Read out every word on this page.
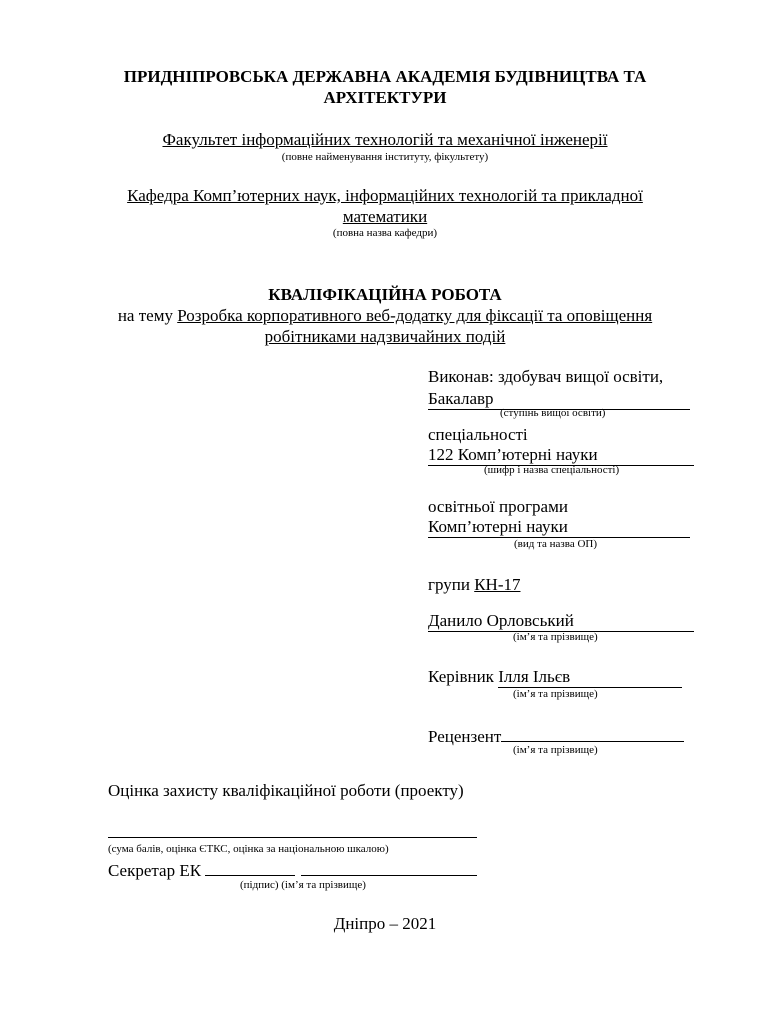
ПРИДНІПРОВСЬКА ДЕРЖАВНА АКАДЕМІЯ БУДІВНИЦТВА ТА
АРХІТЕКТУРИ
Факультет інформаційних технологій та механічної інженерії
(повне найменування інституту, фікультету)
Кафедра Комп’ютерних наук, інформаційних технологій та прикладної
математики
(повна назва кафедри)
КВАЛІФІКАЦІЙНА РОБОТА
на тему Розробка корпоративного веб-додатку для фіксації та оповіщення
робітниками надзвичайних подій
Виконав: здобувач вищої освіти,
Бакалавр
(ступінь вищої освіти)
спеціальності
122 Комп’ютерні науки
(шифр і назва спеціальності)
освітньої програми
Комп’ютерні науки
(вид та назва ОП)
групи КН-17
Данило Орловський
(ім’я та прізвище)
Керівник Ілля Ільєв
(ім’я та прізвище)
Рецензент
(ім’я та прізвище)
Оцінка захисту кваліфікаційної роботи (проекту)
(сума балів, оцінка ЄТКС, оцінка за національною шкалою)
Секретар ЕК
(підпис) (ім’я та прізвище)
Дніпро – 2021
